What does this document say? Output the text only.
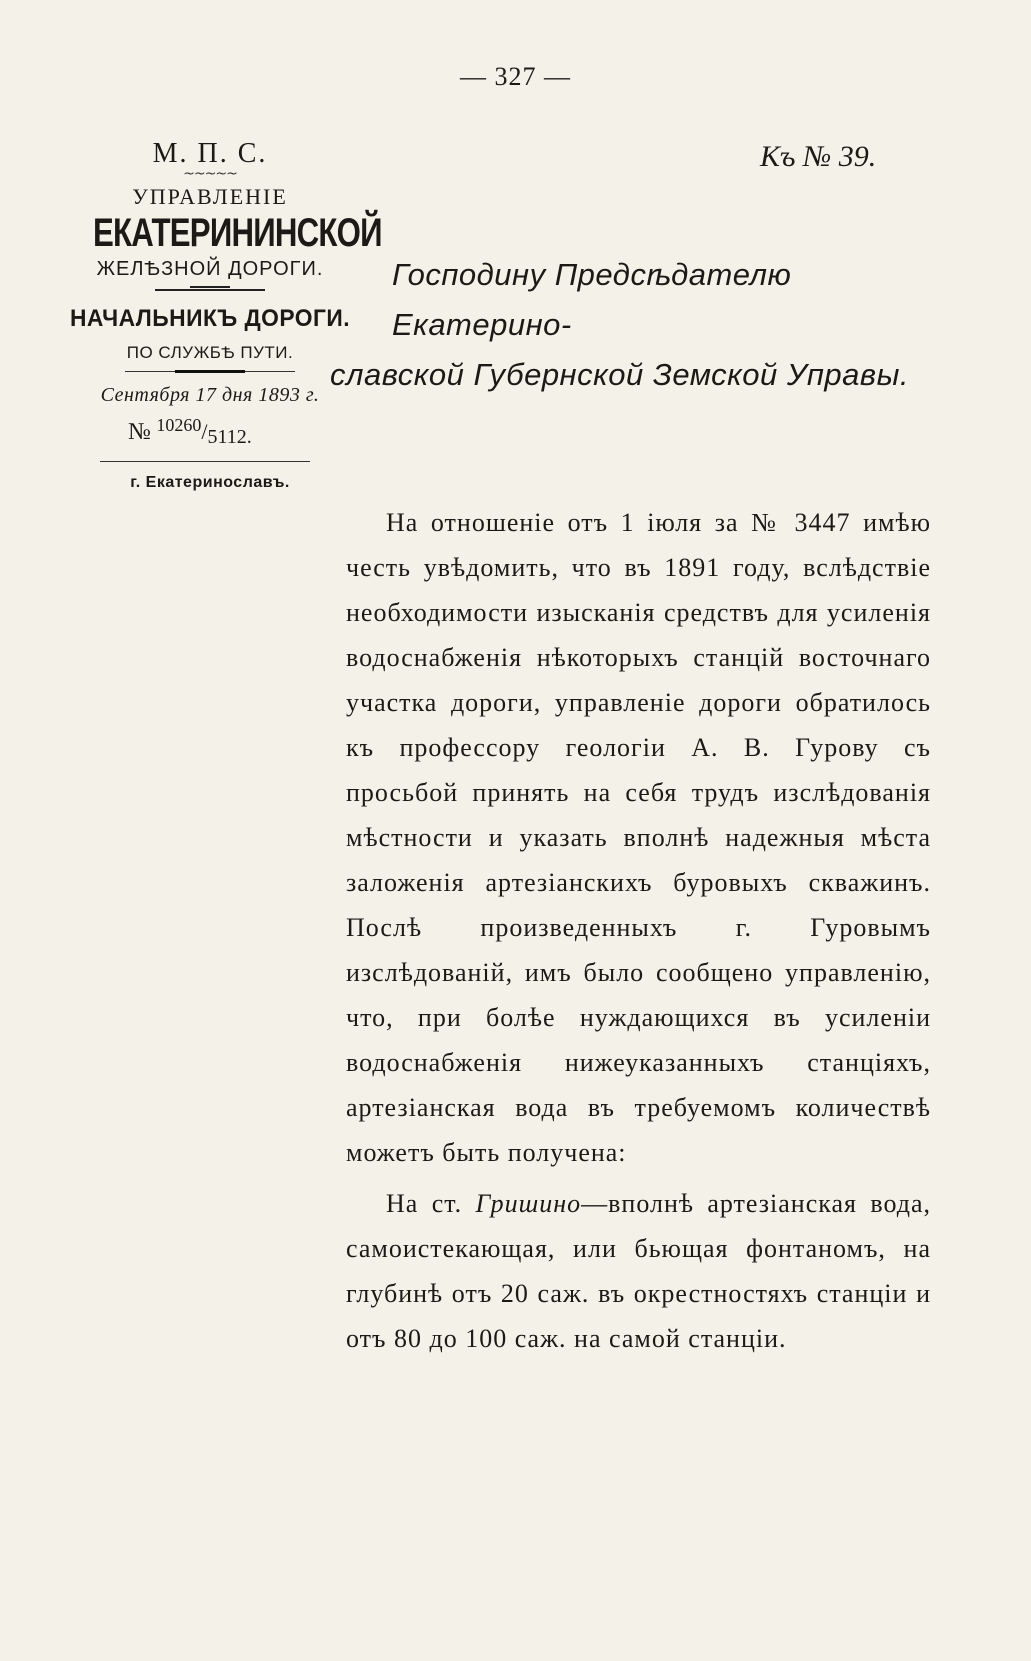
— 327 —
Къ № 39.
М. П. С.
~~~~~
УПРАВЛЕНІЕ
ЕКАТЕРИНИНСКОЙ
ЖЕЛѢЗНОЙ ДОРОГИ.
НАЧАЛЬНИКЪ ДОРОГИ.
ПО СЛУЖБѢ ПУТИ.
Сентября 17 дня 1893 г.
№ $^{10260}$/5112.
г. Екатеринославъ.
Господину Предсѣдателю Екатерино-
славской Губернской Земской Управы.

На отношеніе отъ 1 іюля за № 3447 имѣю честь увѣдомить, что въ 1891 году, вслѣдствіе необходимости изысканія средствъ для усиленія водоснабженія нѣкоторыхъ станцій восточнаго участка дороги, управленіе дороги обратилось къ профессору геологіи А. В. Гурову съ просьбой принять на себя трудъ изслѣдованія мѣстности и указать вполнѣ надежныя мѣста заложенія артезіанскихъ буровыхъ скважинъ. Послѣ произведенныхъ г. Гуровымъ изслѣдованій, имъ было сообщено управленію, что, при болѣе нуждающихся въ усиленіи водоснабженія нижеуказанныхъ станціяхъ, артезіанская вода въ требуемомъ количествѣ можетъ быть получена:

На ст. Гришино—вполнѣ артезіанская вода, самоистекающая, или бьющая фонтаномъ, на глубинѣ отъ 20 саж. въ окрестностяхъ станціи и отъ 80 до 100 саж. на самой станціи.
